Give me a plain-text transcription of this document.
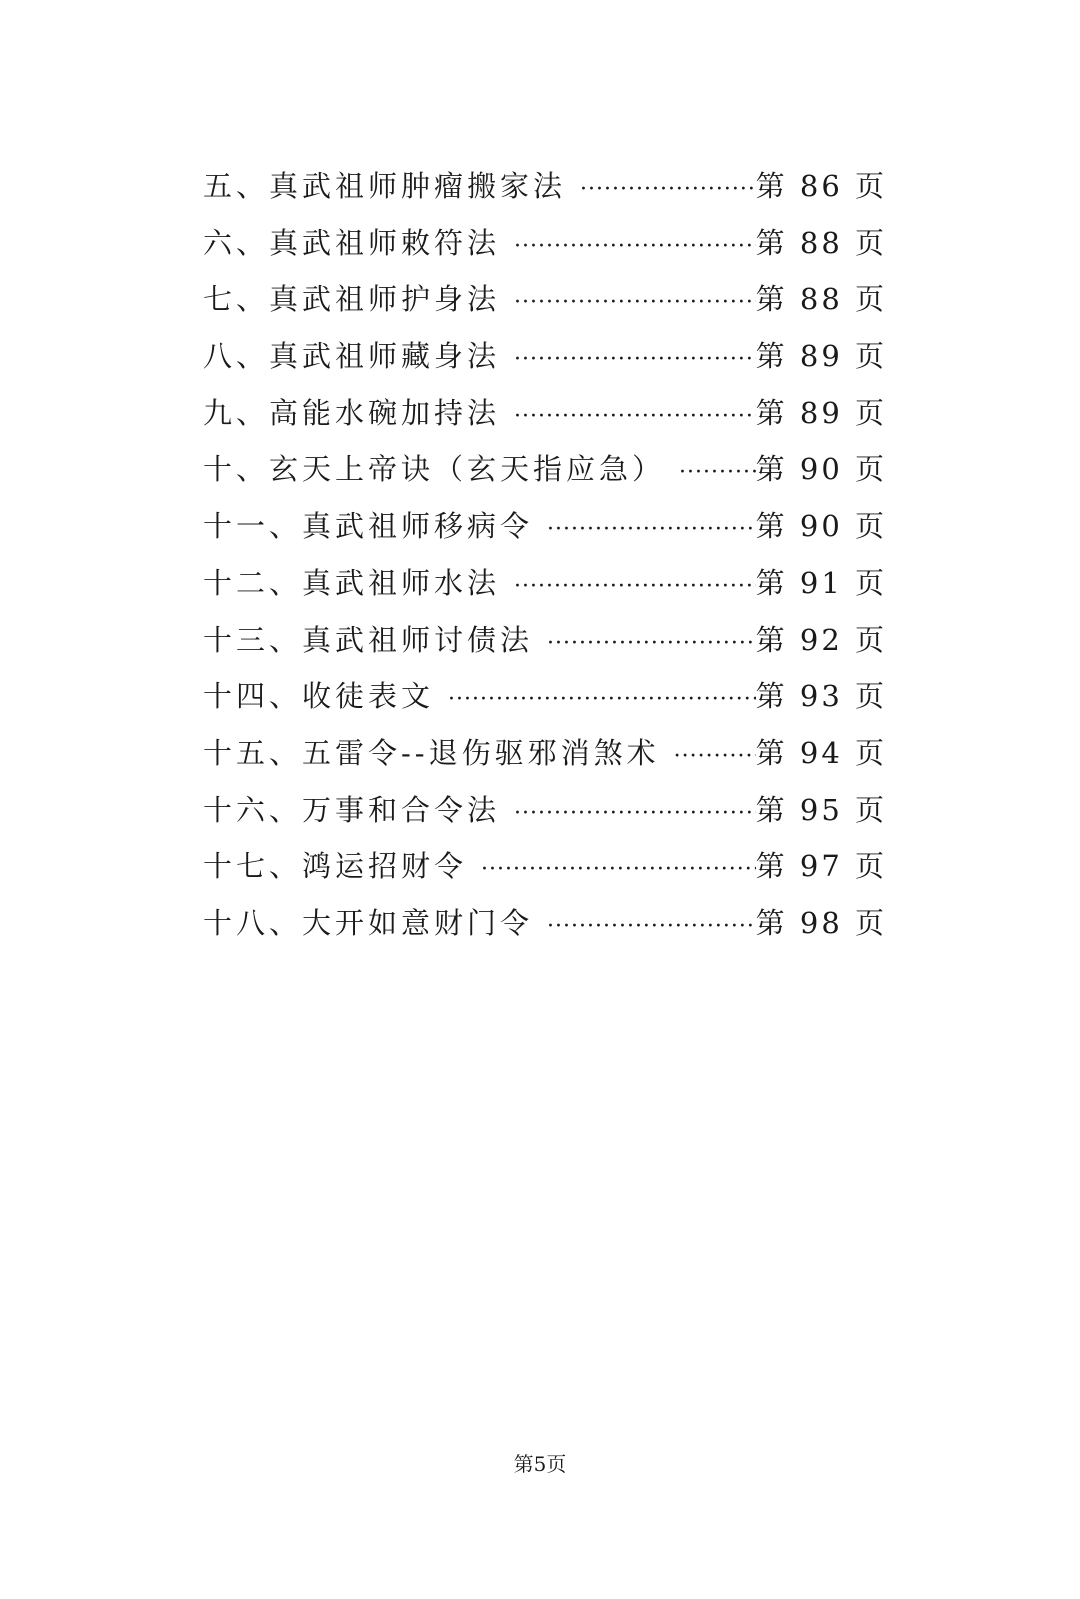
五、真武祖师肿瘤搬家法 ·····	第 86 页
六、真武祖师敕符法 ·····	第 88 页
七、真武祖师护身法 ·····	第 88 页
八、真武祖师藏身法 ·····	第 89 页
九、高能水碗加持法 ·····	第 89 页
十、玄天上帝诀（玄天指应急） ·····	第 90 页
十一、真武祖师移病令 ·····	第 90 页
十二、真武祖师水法 ·····	第 91 页
十三、真武祖师讨债法 ·····	第 92 页
十四、收徒表文 ·····	第 93 页
十五、五雷令--退伤驱邪消煞术 ·····	第 94 页
十六、万事和合令法 ·····	第 95 页
十七、鸿运招财令 ·····	第 97 页
十八、大开如意财门令 ·····	第 98 页
第5页
